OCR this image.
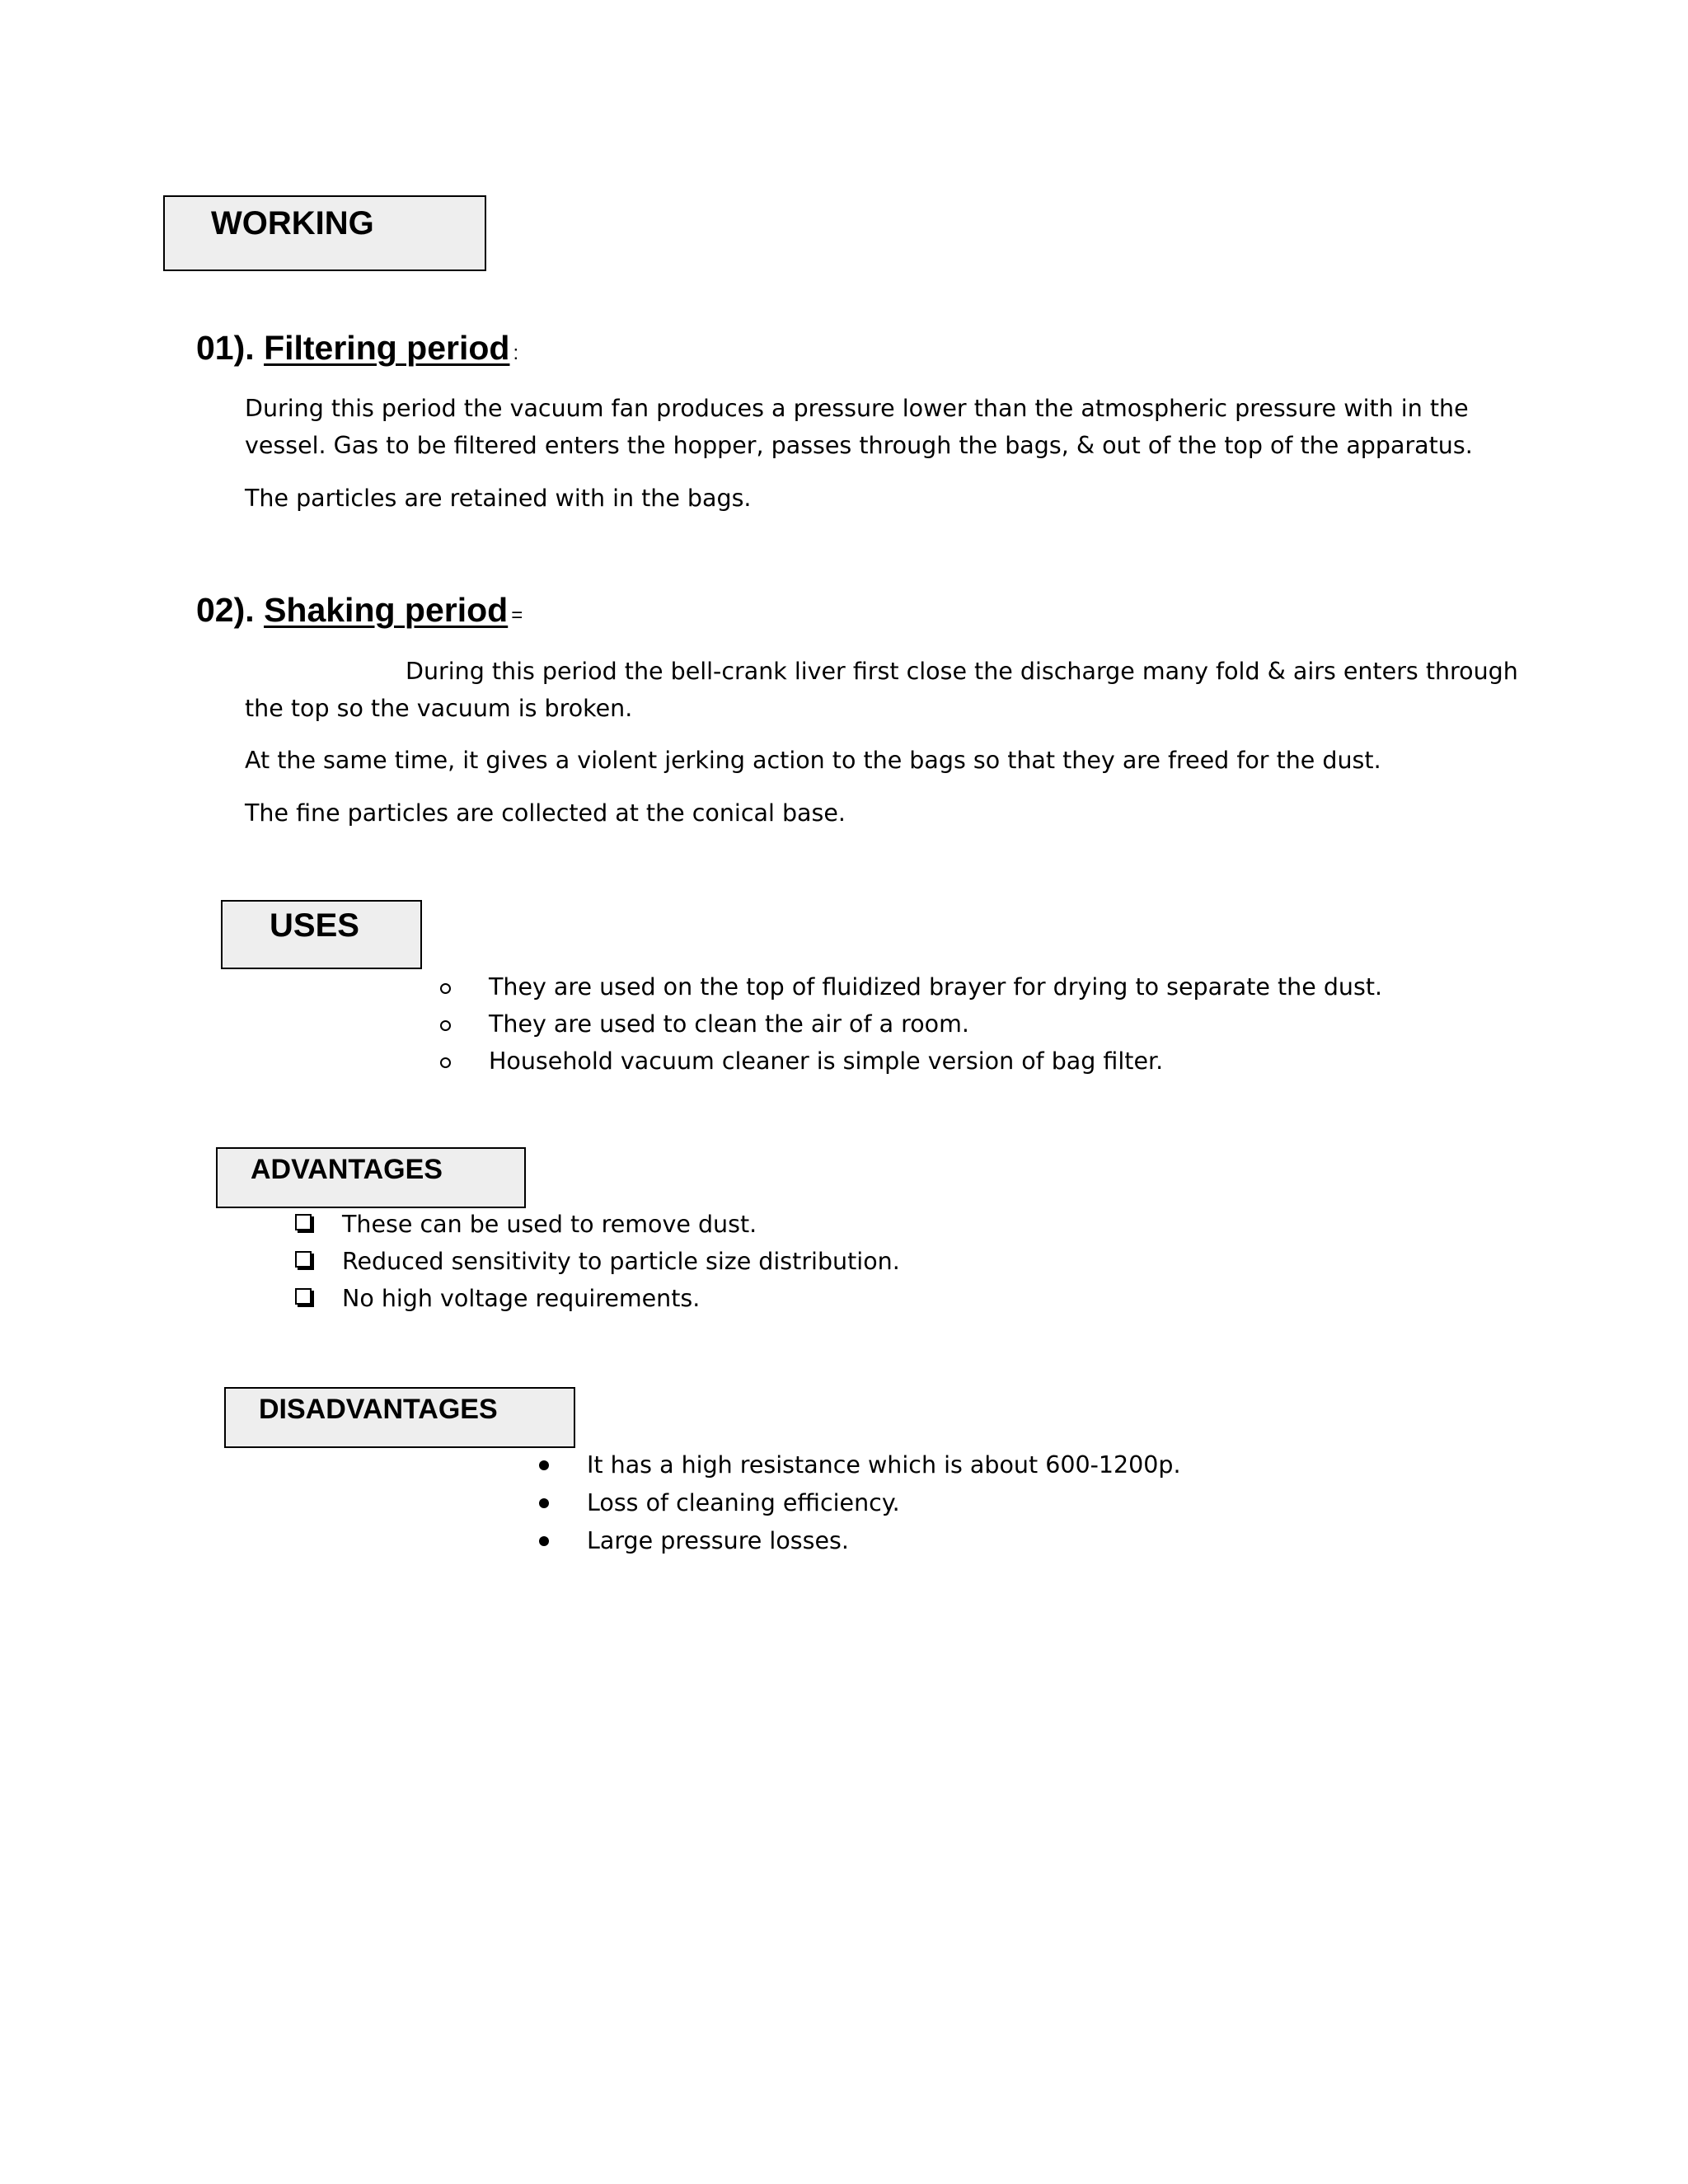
WORKING
01). Filtering period :

During this period the vacuum fan produces a pressure lower than the atmospheric pressure with in the

vessel. Gas to be filtered enters the hopper, passes through the bags, & out of the top of the apparatus.

The particles are retained with in the bags.

02). Shaking period =

During this period the bell-crank liver first close the discharge many fold & airs enters through

the top so the vacuum is broken.

At the same time, it gives a violent jerking action to the bags so that they are freed for the dust.

The fine particles are collected at the conical base.

USES
They are used on the top of fluidized brayer for drying to separate the dust.
They are used to clean the air of a room.
Household vacuum cleaner is simple version of bag filter.
ADVANTAGES
These can be used to remove dust.
Reduced sensitivity to particle size distribution.
No high voltage requirements.
DISADVANTAGES
It has a high resistance which is about 600-1200p.
Loss of cleaning efficiency.
Large pressure losses.
